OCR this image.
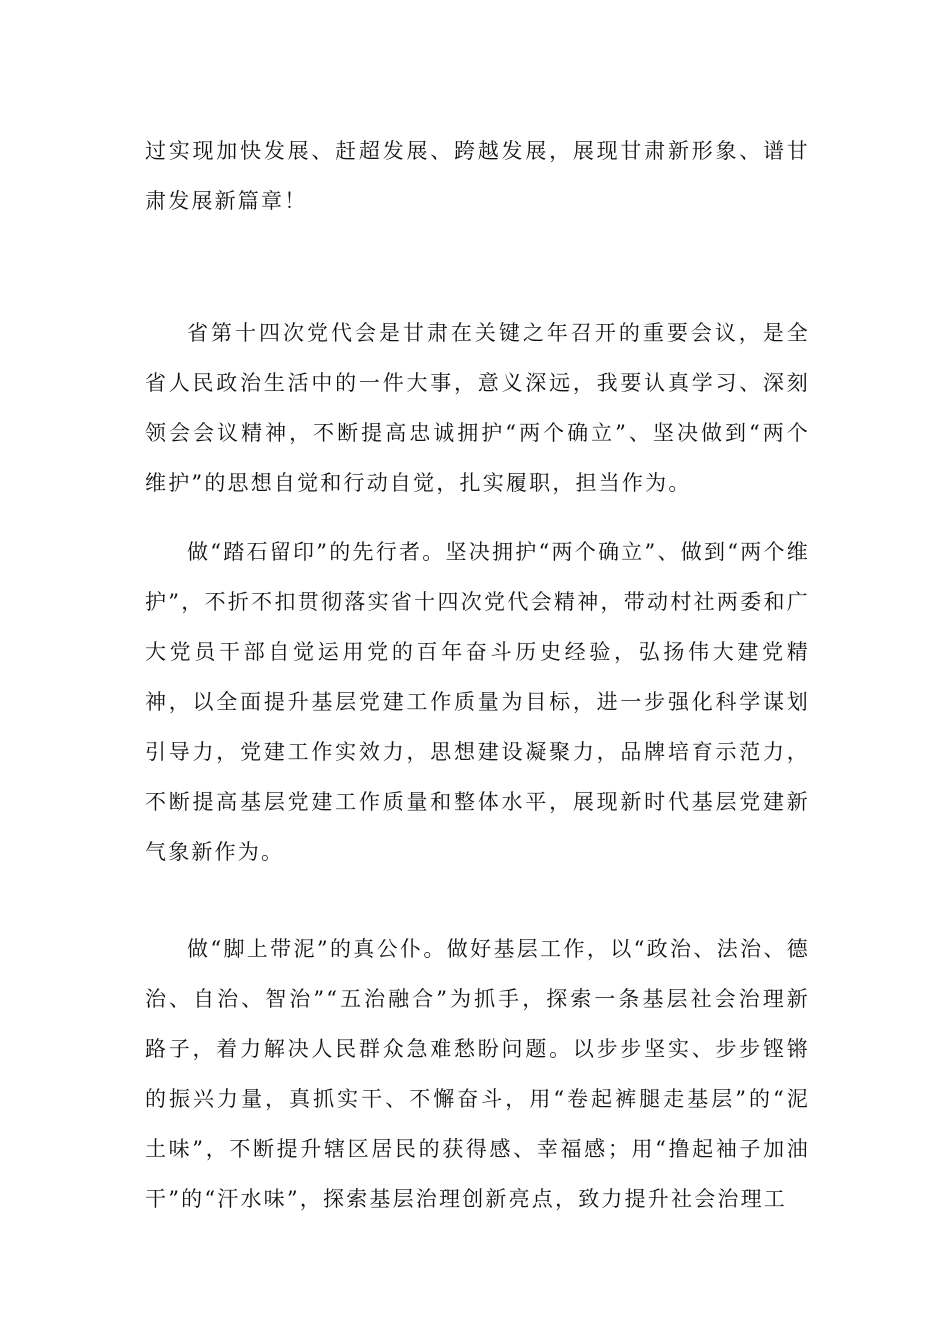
过实现加快发展、赶超发展、跨越发展，展现甘肃新形象、谱甘肃发展新篇章！
省第十四次党代会是甘肃在关键之年召开的重要会议，是全省人民政治生活中的一件大事，意义深远，我要认真学习、深刻领会会议精神，不断提高忠诚拥护“两个确立”、坚决做到“两个维护”的思想自觉和行动自觉，扎实履职，担当作为。
做“踏石留印”的先行者。坚决拥护“两个确立”、做到“两个维护”，不折不扣贯彻落实省十四次党代会精神，带动村社两委和广大党员干部自觉运用党的百年奋斗历史经验，弘扬伟大建党精神，以全面提升基层党建工作质量为目标，进一步强化科学谋划引导力，党建工作实效力，思想建设凝聚力，品牌培育示范力，不断提高基层党建工作质量和整体水平，展现新时代基层党建新气象新作为。
做“脚上带泥”的真公仆。做好基层工作，以“政治、法治、德治、自治、智治”“五治融合”为抓手，探索一条基层社会治理新路子，着力解决人民群众急难愁盼问题。以步步坚实、步步铿锵的振兴力量，真抓实干、不懈奋斗，用“卷起裤腿走基层”的“泥土味”，不断提升辖区居民的获得感、幸福感；用“撸起袖子加油干”的“汗水味”，探索基层治理创新亮点，致力提升社会治理工
